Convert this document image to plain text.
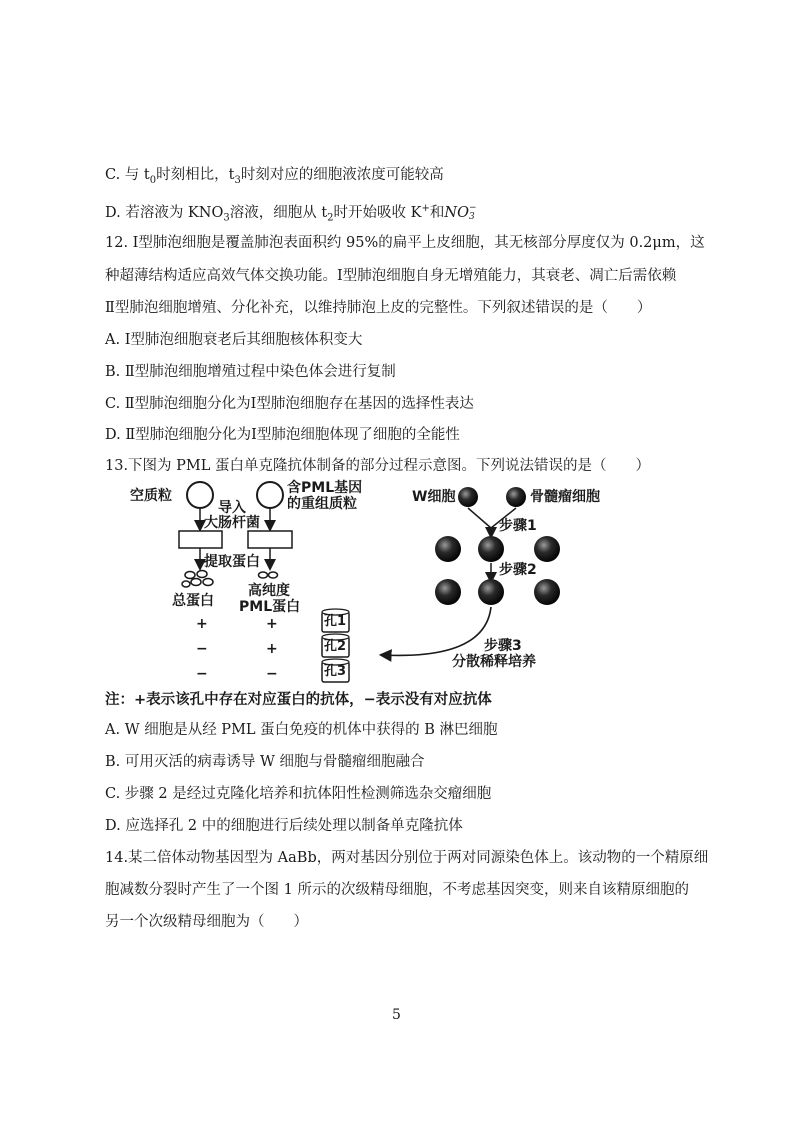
C. 与 $t_0$时刻相比，$t_3$时刻对应的细胞液浓度可能较高
D. 若溶液为 $KNO_3$溶液，细胞从 $t_2$时开始吸收 K+和NO −
3
12. Ⅰ型肺泡细胞是覆盖肺泡表面积约 95%的扁平上皮细胞，其无核部分厚度仅为 0.2μm，这
种超薄结构适应高效气体交换功能。Ⅰ型肺泡细胞自身无增殖能力，其衰老、凋亡后需依赖
Ⅱ型肺泡细胞增殖、分化补充，以维持肺泡上皮的完整性。下列叙述错误的是（　　）
A. Ⅰ型肺泡细胞衰老后其细胞核体积变大
B. Ⅱ型肺泡细胞增殖过程中染色体会进行复制
C. Ⅱ型肺泡细胞分化为Ⅰ型肺泡细胞存在基因的选择性表达
D. Ⅱ型肺泡细胞分化为Ⅰ型肺泡细胞体现了细胞的全能性
13.下图为 PML 蛋白单克隆抗体制备的部分过程示意图。下列说法错误的是（　　）
空质粒	含PML基因
的重组质粒
导入
大肠杆菌
提取蛋白
总蛋白
高纯度
PML蛋白
+
−
−
+
+
−
孔1
孔2
孔3
W细胞	骨髓瘤细胞
步骤1
步骤2
步骤3
分散稀释培养
注：+表示该孔中存在对应蛋白的抗体，−表示没有对应抗体
A. W 细胞是从经 PML 蛋白免疫的机体中获得的 B 淋巴细胞
B. 可用灭活的病毒诱导 W 细胞与骨髓瘤细胞融合
C. 步骤 2 是经过克隆化培养和抗体阳性检测筛选杂交瘤细胞
D. 应选择孔 2 中的细胞进行后续处理以制备单克隆抗体
14.某二倍体动物基因型为 AaBb，两对基因分别位于两对同源染色体上。该动物的一个精原细
胞减数分裂时产生了一个图 1 所示的次级精母细胞，不考虑基因突变，则来自该精原细胞的
另一个次级精母细胞为（　　）
5
